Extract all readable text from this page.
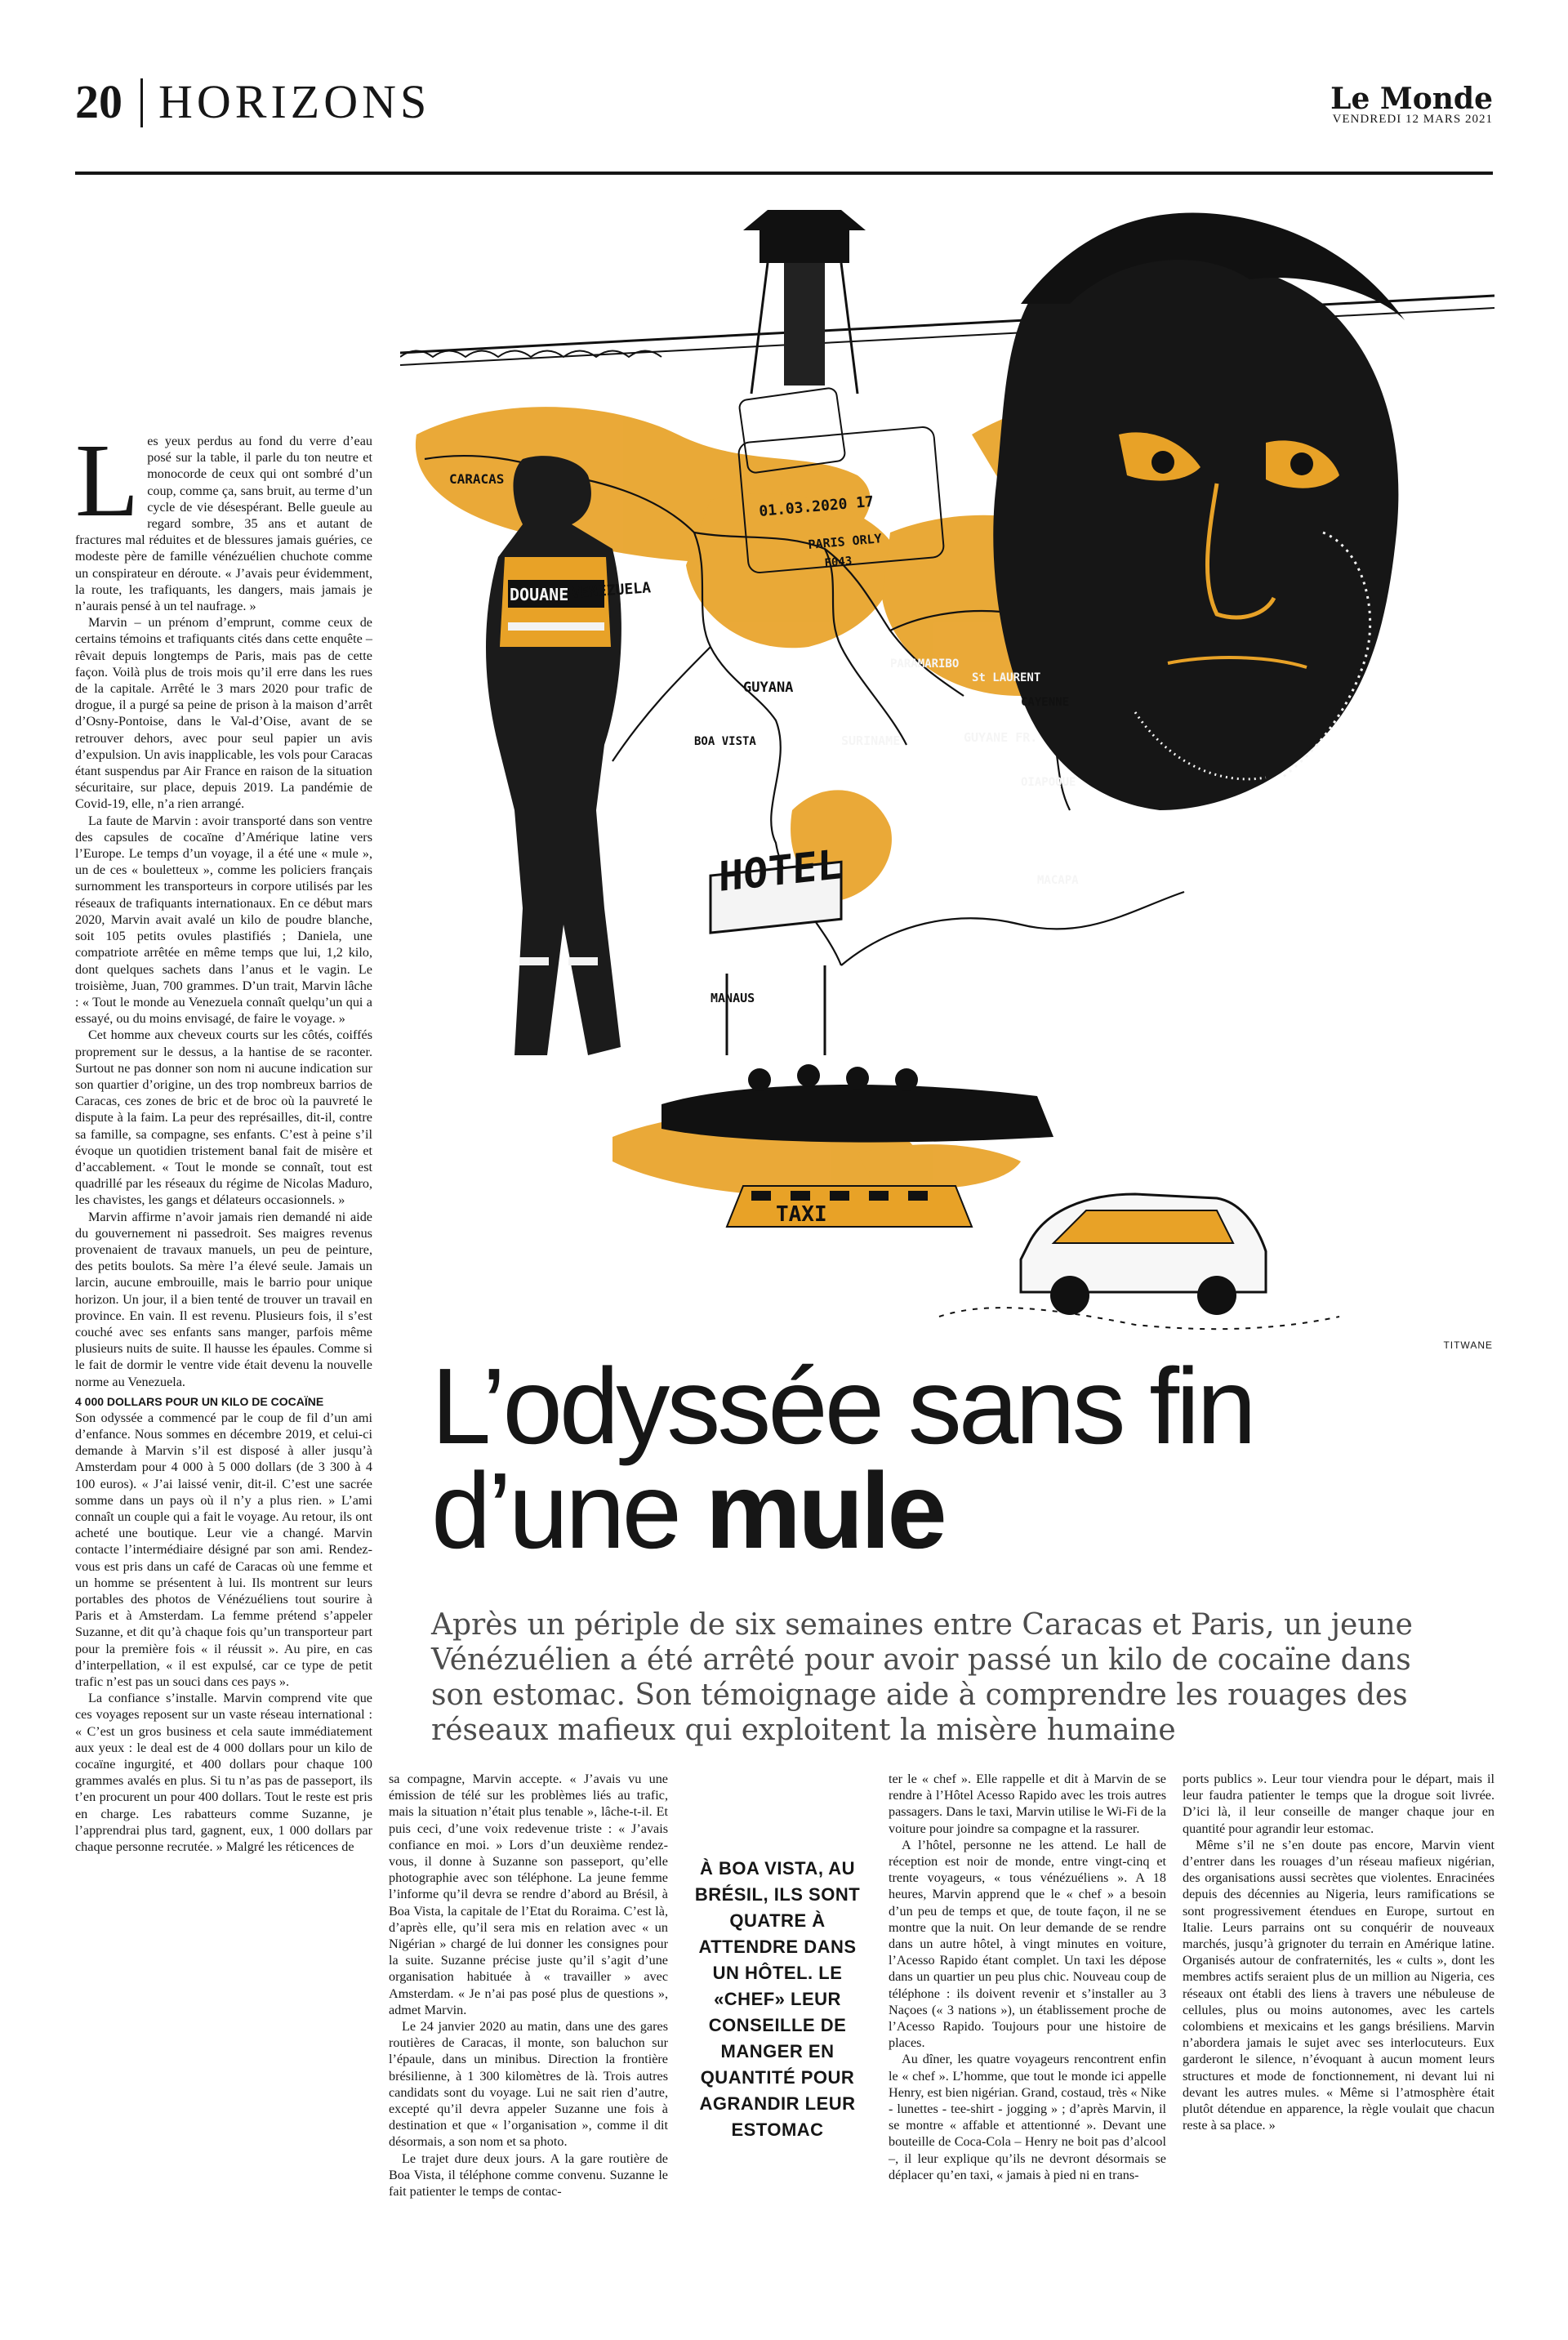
20 HORIZONS	Le Monde
VENDREDI 12 MARS 2021
CARACAS
VENEZUELA
DOUANE
GUYANA
BOA VISTA
PARAMARIBO
St LAURENT
CAYENNE
SURINAME	GUYANE FR.
OIAPOQUE
MACAPA
MANAUS
HOTEL
TAXI
01.03.2020 17
PARIS ORLY
F043
TITWANE
L’odyssée sans fin
d’une mule

Après un périple de six semaines entre Caracas et Paris, un jeune Vénézuélien a été arrêté pour avoir passé un kilo de cocaïne dans son estomac. Son témoignage aide à comprendre les rouages des réseaux mafieux qui exploitent la misère humaine

Les yeux perdus au fond du verre d’eau posé sur la table, il parle du ton neutre et monocorde de ceux qui ont sombré d’un coup, comme ça, sans bruit, au terme d’un cycle de vie désespérant. Belle gueule au regard sombre, 35 ans et autant de fractures mal réduites et de blessures jamais guéries, ce modeste père de famille vénézuélien chuchote comme un conspirateur en déroute. « J’avais peur évidemment, la route, les trafiquants, les dangers, mais jamais je n’aurais pensé à un tel naufrage. »

Marvin – un prénom d’emprunt, comme ceux de certains témoins et trafiquants cités dans cette enquête – rêvait depuis longtemps de Paris, mais pas de cette façon. Voilà plus de trois mois qu’il erre dans les rues de la capitale. Arrêté le 3 mars 2020 pour trafic de drogue, il a purgé sa peine de prison à la maison d’arrêt d’Osny-Pontoise, dans le Val-d’Oise, avant de se retrouver dehors, avec pour seul papier un avis d’expulsion. Un avis inapplicable, les vols pour Caracas étant suspendus par Air France en raison de la situation sécuritaire, sur place, depuis 2019. La pandémie de Covid-19, elle, n’a rien arrangé.

La faute de Marvin : avoir transporté dans son ventre des capsules de cocaïne d’Amérique latine vers l’Europe. Le temps d’un voyage, il a été une « mule », un de ces « bouletteux », comme les policiers français surnomment les transporteurs in corpore utilisés par les réseaux de trafiquants internationaux. En ce début mars 2020, Marvin avait avalé un kilo de poudre blanche, soit 105 petits ovules plastifiés ; Daniela, une compatriote arrêtée en même temps que lui, 1,2 kilo, dont quelques sachets dans l’anus et le vagin. Le troisième, Juan, 700 grammes. D’un trait, Marvin lâche : « Tout le monde au Venezuela connaît quelqu’un qui a essayé, ou du moins envisagé, de faire le voyage. »

Cet homme aux cheveux courts sur les côtés, coiffés proprement sur le dessus, a la hantise de se raconter. Surtout ne pas donner son nom ni aucune indication sur son quartier d’origine, un des trop nombreux barrios de Caracas, ces zones de bric et de broc où la pauvreté le dispute à la faim. La peur des représailles, dit-il, contre sa famille, sa compagne, ses enfants. C’est à peine s’il évoque un quotidien tristement banal fait de misère et d’accablement. « Tout le monde se connaît, tout est quadrillé par les réseaux du régime de Nicolas Maduro, les chavistes, les gangs et délateurs occasionnels. »

Marvin affirme n’avoir jamais rien demandé ni aide du gouvernement ni passedroit. Ses maigres revenus provenaient de travaux manuels, un peu de peinture, des petits boulots. Sa mère l’a élevé seule. Jamais un larcin, aucune embrouille, mais le barrio pour unique horizon. Un jour, il a bien tenté de trouver un travail en province. En vain. Il est revenu. Plusieurs fois, il s’est couché avec ses enfants sans manger, parfois même plusieurs nuits de suite. Il hausse les épaules. Comme si le fait de dormir le ventre vide était devenu la nouvelle norme au Venezuela.

4 000 DOLLARS POUR UN KILO DE COCAÏNE

Son odyssée a commencé par le coup de fil d’un ami d’enfance. Nous sommes en décembre 2019, et celui-ci demande à Marvin s’il est disposé à aller jusqu’à Amsterdam pour 4 000 à 5 000 dollars (de 3 300 à 4 100 euros). « J’ai laissé venir, dit-il. C’est une sacrée somme dans un pays où il n’y a plus rien. » L’ami connaît un couple qui a fait le voyage. Au retour, ils ont acheté une boutique. Leur vie a changé. Marvin contacte l’intermédiaire désigné par son ami. Rendez-vous est pris dans un café de Caracas où une femme et un homme se présentent à lui. Ils montrent sur leurs portables des photos de Vénézuéliens tout sourire à Paris et à Amsterdam. La femme prétend s’appeler Suzanne, et dit qu’à chaque fois qu’un transporteur part pour la première fois « il réussit ». Au pire, en cas d’interpellation, « il est expulsé, car ce type de petit trafic n’est pas un souci dans ces pays ».

La confiance s’installe. Marvin comprend vite que ces voyages reposent sur un vaste réseau international : « C’est un gros business et cela saute immédiatement aux yeux : le deal est de 4 000 dollars pour un kilo de cocaïne ingurgité, et 400 dollars pour chaque 100 grammes avalés en plus. Si tu n’as pas de passeport, ils t’en procurent un pour 400 dollars. Tout le reste est pris en charge. Les rabatteurs comme Suzanne, je l’apprendrai plus tard, gagnent, eux, 1 000 dollars par chaque personne recrutée. » Malgré les réticences de

sa compagne, Marvin accepte. « J’avais vu une émission de télé sur les problèmes liés au trafic, mais la situation n’était plus tenable », lâche-t-il. Et puis ceci, d’une voix redevenue triste : « J’avais confiance en moi. » Lors d’un deuxième rendez-vous, il donne à Suzanne son passeport, qu’elle photographie avec son téléphone. La jeune femme l’informe qu’il devra se rendre d’abord au Brésil, à Boa Vista, la capitale de l’Etat du Roraima. C’est là, d’après elle, qu’il sera mis en relation avec « un Nigérian » chargé de lui donner les consignes pour la suite. Suzanne précise juste qu’il s’agit d’une organisation habituée à « travailler » avec Amsterdam. « Je n’ai pas posé plus de questions », admet Marvin.

Le 24 janvier 2020 au matin, dans une des gares routières de Caracas, il monte, son baluchon sur l’épaule, dans un minibus. Direction la frontière brésilienne, à 1 300 kilomètres de là. Trois autres candidats sont du voyage. Lui ne sait rien d’autre, excepté qu’il devra appeler Suzanne une fois à destination et que « l’organisation », comme il dit désormais, a son nom et sa photo.

Le trajet dure deux jours. A la gare routière de Boa Vista, il téléphone comme convenu. Suzanne le fait patienter le temps de contac-

À BOA VISTA, AU BRÉSIL, ILS SONT QUATRE À ATTENDRE DANS UN HÔTEL. LE «CHEF» LEUR CONSEILLE DE MANGER EN QUANTITÉ POUR AGRANDIR LEUR ESTOMAC

ter le « chef ». Elle rappelle et dit à Marvin de se rendre à l’Hôtel Acesso Rapido avec les trois autres passagers. Dans le taxi, Marvin utilise le Wi-Fi de la voiture pour joindre sa compagne et la rassurer.

A l’hôtel, personne ne les attend. Le hall de réception est noir de monde, entre vingt-cinq et trente voyageurs, « tous vénézuéliens ». A 18 heures, Marvin apprend que le « chef » a besoin d’un peu de temps et que, de toute façon, il ne se montre que la nuit. On leur demande de se rendre dans un autre hôtel, à vingt minutes en voiture, l’Acesso Rapido étant complet. Un taxi les dépose dans un quartier un peu plus chic. Nouveau coup de téléphone : ils doivent revenir et s’installer au 3 Naçoes (« 3 nations »), un établissement proche de l’Acesso Rapido. Toujours pour une histoire de places.

Au dîner, les quatre voyageurs rencontrent enfin le « chef ». L’homme, que tout le monde ici appelle Henry, est bien nigérian. Grand, costaud, très « Nike - lunettes - tee-shirt - jogging » ; d’après Marvin, il se montre « affable et attentionné ». Devant une bouteille de Coca-Cola – Henry ne boit pas d’alcool –, il leur explique qu’ils ne devront désormais se déplacer qu’en taxi, « jamais à pied ni en trans-

ports publics ». Leur tour viendra pour le départ, mais il leur faudra patienter le temps que la drogue soit livrée. D’ici là, il leur conseille de manger chaque jour en quantité pour agrandir leur estomac.

Même s’il ne s’en doute pas encore, Marvin vient d’entrer dans les rouages d’un réseau mafieux nigérian, des organisations aussi secrètes que violentes. Enracinées depuis des décennies au Nigeria, leurs ramifications se sont progressivement étendues en Europe, surtout en Italie. Leurs parrains ont su conquérir de nouveaux marchés, jusqu’à grignoter du terrain en Amérique latine. Organisés autour de confraternités, les « cults », dont les membres actifs seraient plus de un million au Nigeria, ces réseaux ont établi des liens à travers une nébuleuse de cellules, plus ou moins autonomes, avec les cartels colombiens et mexicains et les gangs brésiliens. Marvin n’abordera jamais le sujet avec ses interlocuteurs. Eux garderont le silence, n’évoquant à aucun moment leurs structures et mode de fonctionnement, ni devant lui ni devant les autres mules. « Même si l’atmosphère était plutôt détendue en apparence, la règle voulait que chacun reste à sa place. »
